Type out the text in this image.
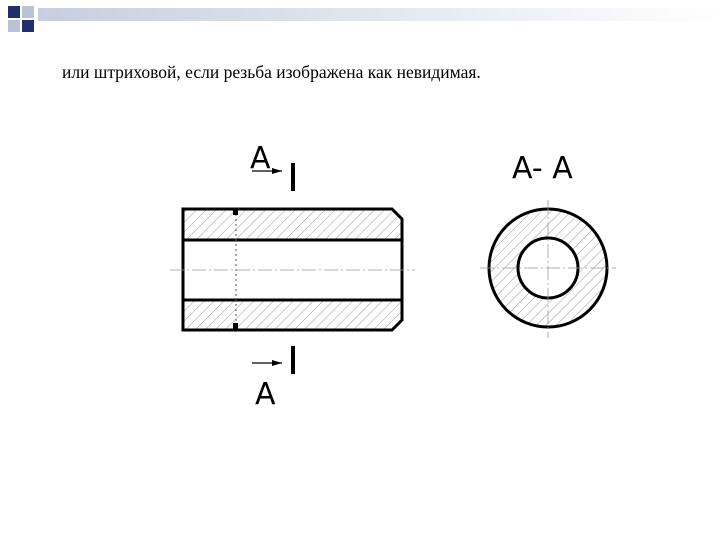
или штриховой, если резьба изображена как невидимая.
A
A
A- A
